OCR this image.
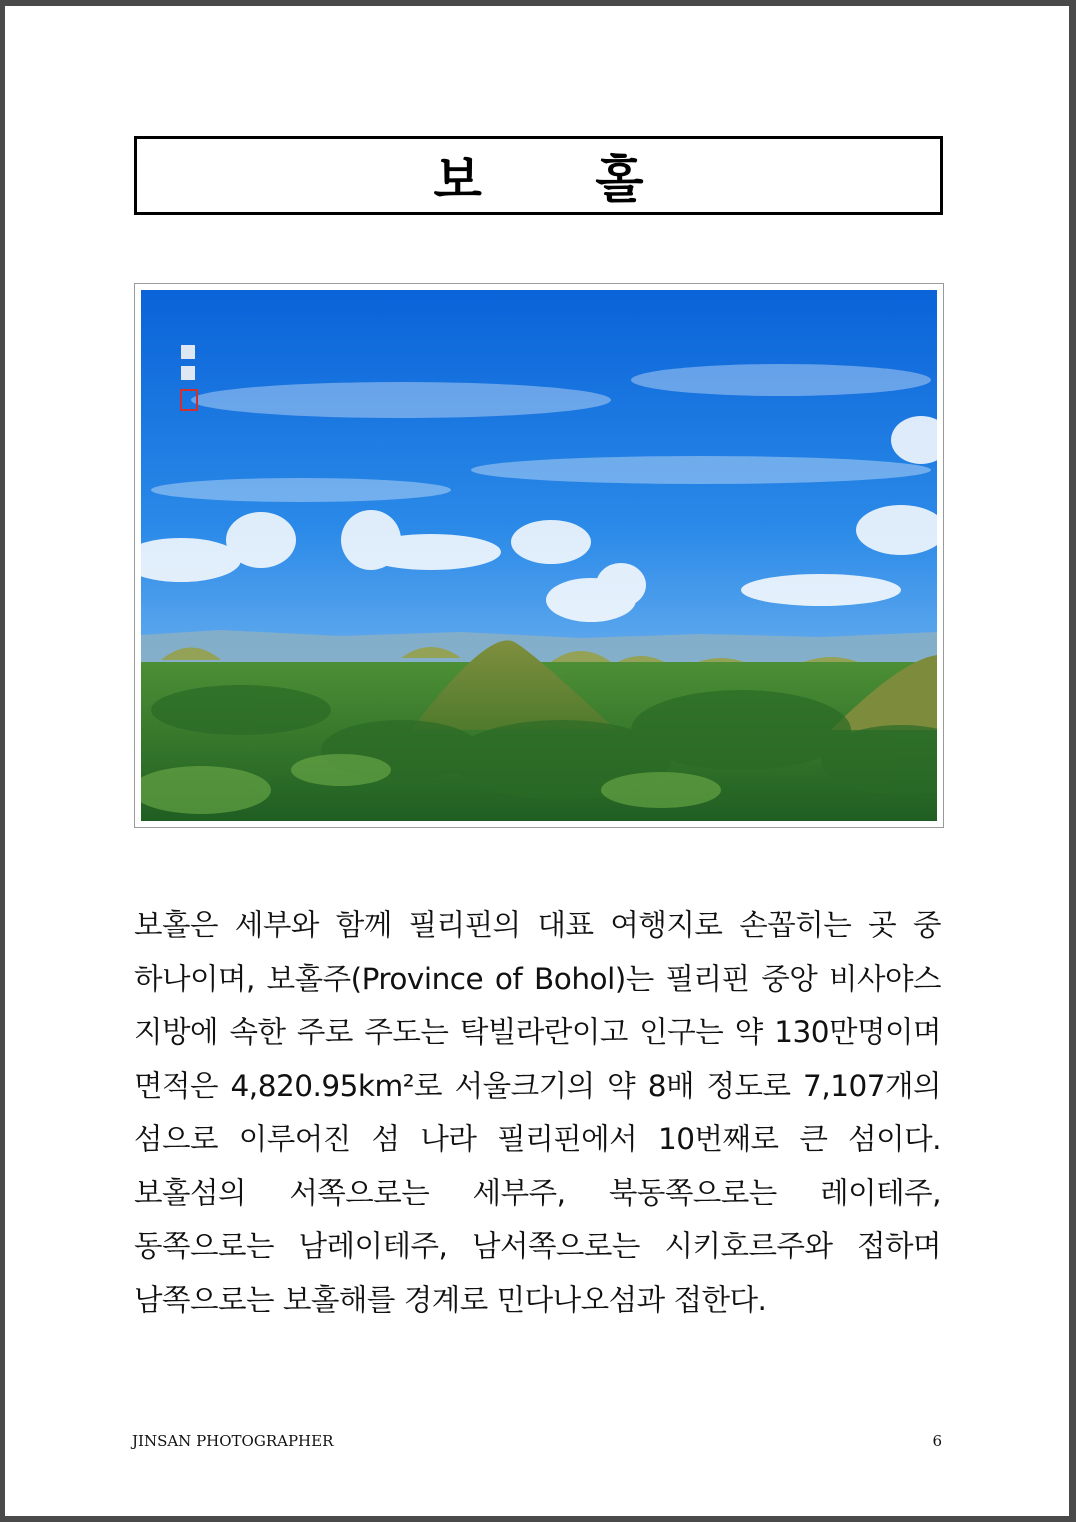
보 홀
보홀은 세부와 함께 필리핀의 대표 여행지로 손꼽히는 곳 중 하나이며, 보홀주(Province of Bohol)는 필리핀 중앙 비사야스 지방에 속한 주로 주도는 탁빌라란이고 인구는 약 130만명이며 면적은 4,820.95km²로 서울크기의 약 8배 정도로 7,107개의 섬으로 이루어진 섬 나라 필리핀에서 10번째로 큰 섬이다. 보홀섬의 서쪽으로는 세부주, 북동쪽으로는 레이테주, 동쪽으로는 남레이테주, 남서쪽으로는 시키호르주와 접하며 남쪽으로는 보홀해를 경계로 민다나오섬과 접한다.
JINSAN PHOTOGRAPHER	6
